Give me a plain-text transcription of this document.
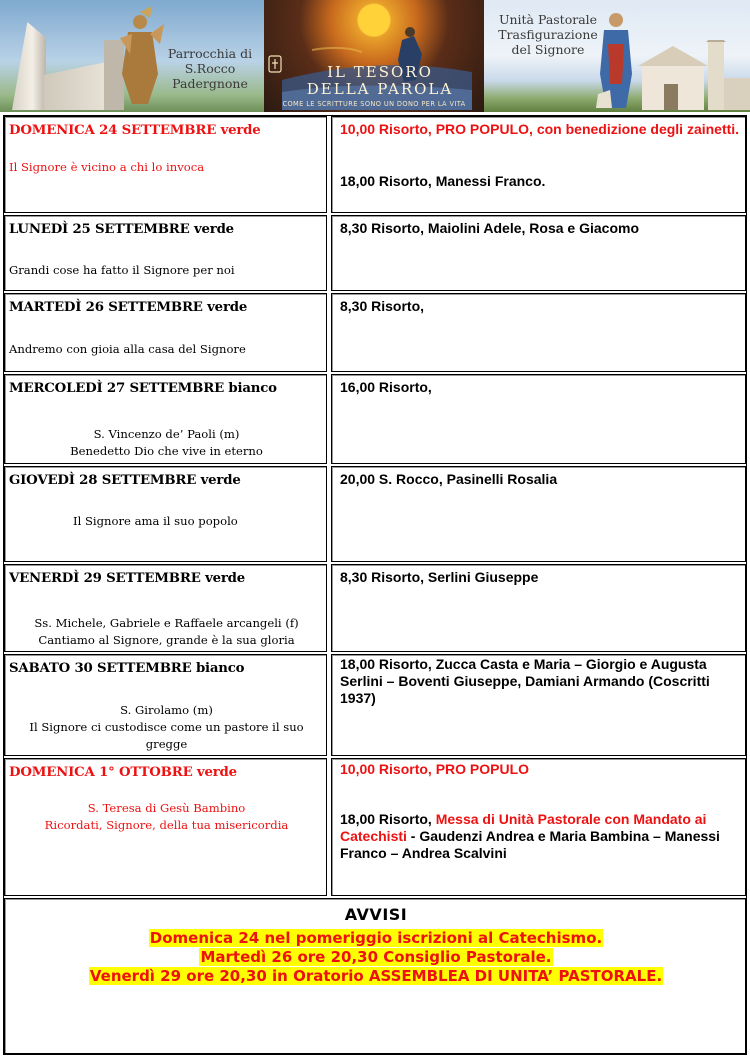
Parrocchia di
S.Rocco
Padergnone
IL TESORO
DELLA PAROLA
COME LE SCRITTURE SONO UN DONO PER LA VITA
Unità Pastorale
Trasfigurazione
del Signore
DOMENICA 24 SETTEMBRE verde
Il Signore è vicino a chi lo invoca
10,00 Risorto, PRO POPULO, con benedizione degli zainetti.
18,00 Risorto, Manessi Franco.
LUNEDÌ 25 SETTEMBRE verde
Grandi cose ha fatto il Signore per noi
8,30 Risorto, Maiolini Adele, Rosa e Giacomo
MARTEDÌ 26 SETTEMBRE verde
Andremo con gioia alla casa del Signore
8,30 Risorto,
MERCOLEDÌ 27 SETTEMBRE bianco
S. Vincenzo de’ Paoli (m)
Benedetto Dio che vive in eterno
16,00 Risorto,
GIOVEDÌ 28 SETTEMBRE verde
Il Signore ama il suo popolo
20,00 S. Rocco, Pasinelli Rosalia
VENERDÌ 29 SETTEMBRE verde
Ss. Michele, Gabriele e Raffaele arcangeli (f)
Cantiamo al Signore, grande è la sua gloria
8,30 Risorto, Serlini Giuseppe
SABATO 30 SETTEMBRE bianco
S. Girolamo (m)
Il Signore ci custodisce come un pastore il suo
gregge
18,00 Risorto, Zucca Casta e Maria – Giorgio e Augusta Serlini – Boventi Giuseppe, Damiani Armando (Coscritti 1937)
DOMENICA 1° OTTOBRE verde
S. Teresa di Gesù Bambino
Ricordati, Signore, della tua misericordia
10,00 Risorto, PRO POPULO
18,00 Risorto, Messa di Unità Pastorale con Mandato ai Catechisti - Gaudenzi Andrea e Maria Bambina – Manessi Franco – Andrea Scalvini
AVVISI
Domenica 24 nel pomeriggio iscrizioni al Catechismo.
Martedì 26 ore 20,30 Consiglio Pastorale.
Venerdì 29 ore 20,30 in Oratorio ASSEMBLEA DI UNITA’ PASTORALE.
